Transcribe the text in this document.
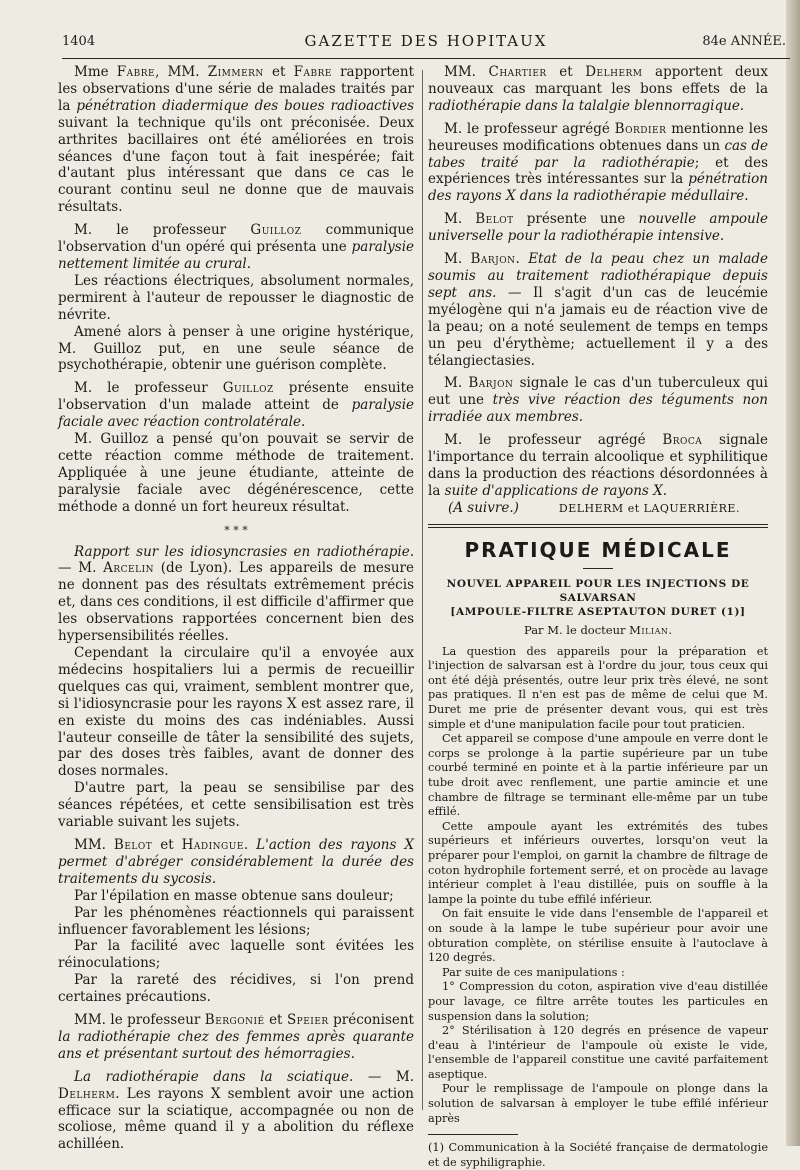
1404	GAZETTE DES HOPITAUX	84e ANNÉE.

Mme Fabre, MM. Zimmern et Fabre rapportent les observations d'une série de malades traités par la pénétration diadermique des boues radioactives suivant la technique qu'ils ont préconisée. Deux arthrites bacillaires ont été améliorées en trois séances d'une façon tout à fait inespérée; fait d'autant plus intéressant que dans ce cas le courant continu seul ne donne que de mauvais résultats.

M. le professeur Guilloz communique l'observation d'un opéré qui présenta une paralysie nettement limitée au crural.

Les réactions électriques, absolument normales, permirent à l'auteur de repousser le diagnostic de névrite.

Amené alors à penser à une origine hystérique, M. Guilloz put, en une seule séance de psychothérapie, obtenir une guérison complète.

M. le professeur Guilloz présente ensuite l'observation d'un malade atteint de paralysie faciale avec réaction controlatérale.

M. Guilloz a pensé qu'on pouvait se servir de cette réaction comme méthode de traitement. Appliquée à une jeune étudiante, atteinte de paralysie faciale avec dégénérescence, cette méthode a donné un fort heureux résultat.

* * *

Rapport sur les idiosyncrasies en radiothérapie. — M. Arcelin (de Lyon). Les appareils de mesure ne donnent pas des résultats extrêmement précis et, dans ces conditions, il est difficile d'affirmer que les observations rapportées concernent bien des hypersensibilités réelles.

Cependant la circulaire qu'il a envoyée aux médecins hospitaliers lui a permis de recueillir quelques cas qui, vraiment, semblent montrer que, si l'idiosyncrasie pour les rayons X est assez rare, il en existe du moins des cas indéniables. Aussi l'auteur conseille de tâter la sensibilité des sujets, par des doses très faibles, avant de donner des doses normales.

D'autre part, la peau se sensibilise par des séances répétées, et cette sensibilisation est très variable suivant les sujets.

MM. Belot et Hadingue. L'action des rayons X permet d'abréger considérablement la durée des traitements du sycosis.

Par l'épilation en masse obtenue sans douleur;

Par les phénomènes réactionnels qui paraissent influencer favorablement les lésions;

Par la facilité avec laquelle sont évitées les réinoculations;

Par la rareté des récidives, si l'on prend certaines précautions.

MM. le professeur Bergonié et Speier préconisent la radiothérapie chez des femmes après quarante ans et présentant surtout des hémorragies.

La radiothérapie dans la sciatique. — M. Delherm. Les rayons X semblent avoir une action efficace sur la sciatique, accompagnée ou non de scoliose, même quand il y a abolition du réflexe achilléen.

MM. Chartier et Delherm apportent deux nouveaux cas marquant les bons effets de la radiothérapie dans la talalgie blennorragique.

M. le professeur agrégé Bordier mentionne les heureuses modifications obtenues dans un cas de tabes traité par la radiothérapie; et des expériences très intéressantes sur la pénétration des rayons X dans la radiothérapie médullaire.

M. Belot présente une nouvelle ampoule universelle pour la radiothérapie intensive.

M. Barjon. Etat de la peau chez un malade soumis au traitement radiothérapique depuis sept ans. — Il s'agit d'un cas de leucémie myélogène qui n'a jamais eu de réaction vive de la peau; on a noté seulement de temps en temps un peu d'érythème; actuellement il y a des télangiectasies.

M. Barjon signale le cas d'un tuberculeux qui eut une très vive réaction des téguments non irradiée aux membres.

M. le professeur agrégé Broca signale l'importance du terrain alcoolique et syphilitique dans la production des réactions désordonnées à la suite d'applications de rayons X.

(A suivre.)	DELHERM et LAQUERRIÈRE.

PRATIQUE MÉDICALE
NOUVEL APPAREIL POUR LES INJECTIONS DE SALVARSAN
[AMPOULE-FILTRE ASEPTAUTON DURET (1)]
Par M. le docteur Milian.

La question des appareils pour la préparation et l'injection de salvarsan est à l'ordre du jour, tous ceux qui ont été déjà présentés, outre leur prix très élevé, ne sont pas pratiques. Il n'en est pas de même de celui que M. Duret me prie de présenter devant vous, qui est très simple et d'une manipulation facile pour tout praticien.

Cet appareil se compose d'une ampoule en verre dont le corps se prolonge à la partie supérieure par un tube courbé terminé en pointe et à la partie inférieure par un tube droit avec renflement, une partie amincie et une chambre de filtrage se terminant elle-même par un tube effilé.

Cette ampoule ayant les extrémités des tubes supérieurs et inférieurs ouvertes, lorsqu'on veut la préparer pour l'emploi, on garnit la chambre de filtrage de coton hydrophile fortement serré, et on procède au lavage intérieur complet à l'eau distillée, puis on souffle à la lampe la pointe du tube effilé inférieur.

On fait ensuite le vide dans l'ensemble de l'appareil et on soude à la lampe le tube supérieur pour avoir une obturation complète, on stérilise ensuite à l'autoclave à 120 degrés.

Par suite de ces manipulations :

1° Compression du coton, aspiration vive d'eau distillée pour lavage, ce filtre arrête toutes les particules en suspension dans la solution;

2° Stérilisation à 120 degrés en présence de vapeur d'eau à l'intérieur de l'ampoule où existe le vide, l'ensemble de l'appareil constitue une cavité parfaitement aseptique.

Pour le remplissage de l'ampoule on plonge dans la solution de salvarsan à employer le tube effilé inférieur après

(1) Communication à la Société française de dermatologie et de syphiligraphie.
